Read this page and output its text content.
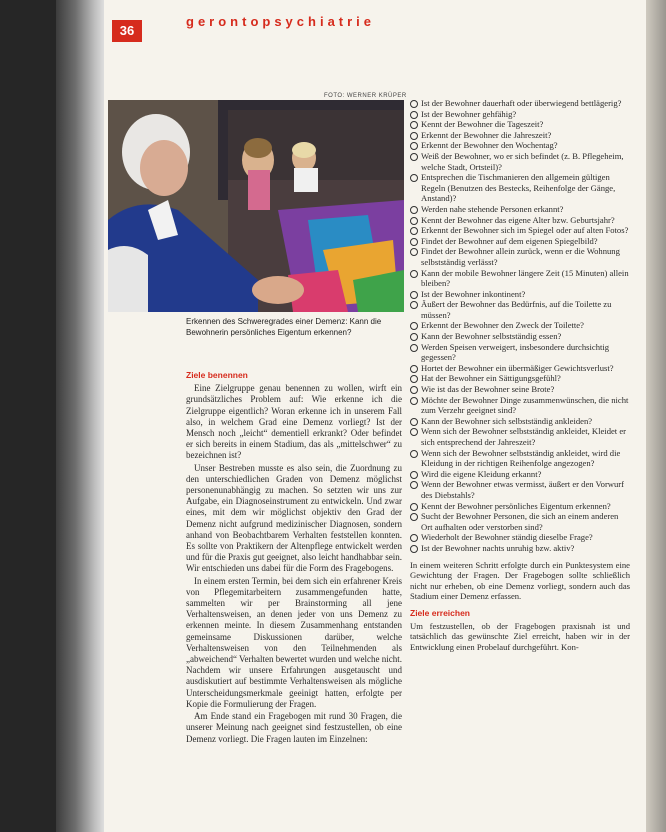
36
gerontopsychiatrie
FOTO: WERNER KRÜPER
Erkennen des Schweregrades einer Demenz: Kann die Bewohnerin persönliches Eigentum erkennen?
Ziele benennen

Eine Zielgruppe genau benennen zu wollen, wirft ein grundsätzliches Problem auf: Wie erkenne ich die Zielgruppe eigentlich? Woran erkenne ich in unserem Fall also, in welchem Grad eine Demenz vorliegt? Ist der Mensch noch „leicht“ dementiell erkrankt? Oder befindet er sich bereits in einem Stadium, das als „mittelschwer“ zu bezeichnen ist?

Unser Bestreben musste es also sein, die Zuordnung zu den unterschiedlichen Graden von Demenz möglichst personenunabhängig zu machen. So setzten wir uns zur Aufgabe, ein Diagnoseinstrument zu entwickeln. Und zwar eines, mit dem wir möglichst objektiv den Grad der Demenz nicht aufgrund medizinischer Diagnosen, sondern anhand von Beobachtbarem Verhalten feststellen konnten. Es sollte von Praktikern der Altenpflege entwickelt werden und für die Praxis gut geeignet, also leicht handhabbar sein. Wir entschieden uns dabei für die Form des Fragebogens.

In einem ersten Termin, bei dem sich ein erfahrener Kreis von Pflegemitarbeitern zusammengefunden hatte, sammelten wir per Brainstorming all jene Verhaltensweisen, an denen jeder von uns Demenz zu erkennen meinte. In diesem Zusammenhang entstanden gemeinsame Diskussionen darüber, welche Verhaltensweisen von den Teilnehmenden als „abweichend“ Verhalten bewertet wurden und welche nicht. Nachdem wir unsere Erfahrungen ausgetauscht und ausdiskutiert auf bestimmte Verhaltensweisen als mögliche Unterscheidungsmerkmale geeinigt hatten, erfolgte per Kopie die Formulierung der Fragen.

Am Ende stand ein Fragebogen mit rund 30 Fragen, die unserer Meinung nach geeignet sind festzustellen, ob eine Demenz vorliegt. Die Fragen lauten im Einzelnen:

Ist der Bewohner dauerhaft oder überwiegend bettlägerig?
Ist der Bewohner gehfähig?
Kennt der Bewohner die Tageszeit?
Erkennt der Bewohner die Jahreszeit?
Erkennt der Bewohner den Wochentag?
Weiß der Bewohner, wo er sich befindet (z. B. Pflegeheim, welche Stadt, Ortsteil)?
Entsprechen die Tischmanieren den allgemein gültigen Regeln (Benutzen des Bestecks, Reihenfolge der Gänge, Anstand)?
Werden nahe stehende Personen erkannt?
Kennt der Bewohner das eigene Alter bzw. Geburtsjahr?
Erkennt der Bewohner sich im Spiegel oder auf alten Fotos?
Findet der Bewohner auf dem eigenen Spiegelbild?
Findet der Bewohner allein zurück, wenn er die Wohnung selbstständig verlässt?
Kann der mobile Bewohner längere Zeit (15 Minuten) allein bleiben?
Ist der Bewohner inkontinent?
Äußert der Bewohner das Bedürfnis, auf die Toilette zu müssen?
Erkennt der Bewohner den Zweck der Toilette?
Kann der Bewohner selbstständig essen?
Werden Speisen verweigert, insbesondere durchsichtig gegessen?
Hortet der Bewohner ein übermäßiger Gewichtsverlust?
Hat der Bewohner ein Sättigungsgefühl?
Wie ist das der Bewohner seine Brote?
Möchte der Bewohner Dinge zusammenwünschen, die nicht zum Verzehr geeignet sind?
Kann der Bewohner sich selbstständig ankleiden?
Wenn sich der Bewohner selbstständig ankleidet, Kleidet er sich entsprechend der Jahreszeit?
Wenn sich der Bewohner selbstständig ankleidet, wird die Kleidung in der richtigen Reihenfolge angezogen?
Wird die eigene Kleidung erkannt?
Wenn der Bewohner etwas vermisst, äußert er den Vorwurf des Diebstahls?
Kennt der Bewohner persönliches Eigentum erkennen?
Sucht der Bewohner Personen, die sich an einem anderen Ort aufhalten oder verstorben sind?
Wiederholt der Bewohner ständig dieselbe Frage?
Ist der Bewohner nachts unruhig bzw. aktiv?

In einem weiteren Schritt erfolgte durch ein Punktesystem eine Gewichtung der Fragen. Der Fragebogen sollte schließlich nicht nur erheben, ob eine Demenz vorliegt, sondern auch das Stadium einer Demenz erfassen.

Ziele erreichen

Um festzustellen, ob der Fragebogen praxisnah ist und tatsächlich das gewünschte Ziel erreicht, haben wir in der Entwicklung einen Probelauf durchgeführt. Kon-
